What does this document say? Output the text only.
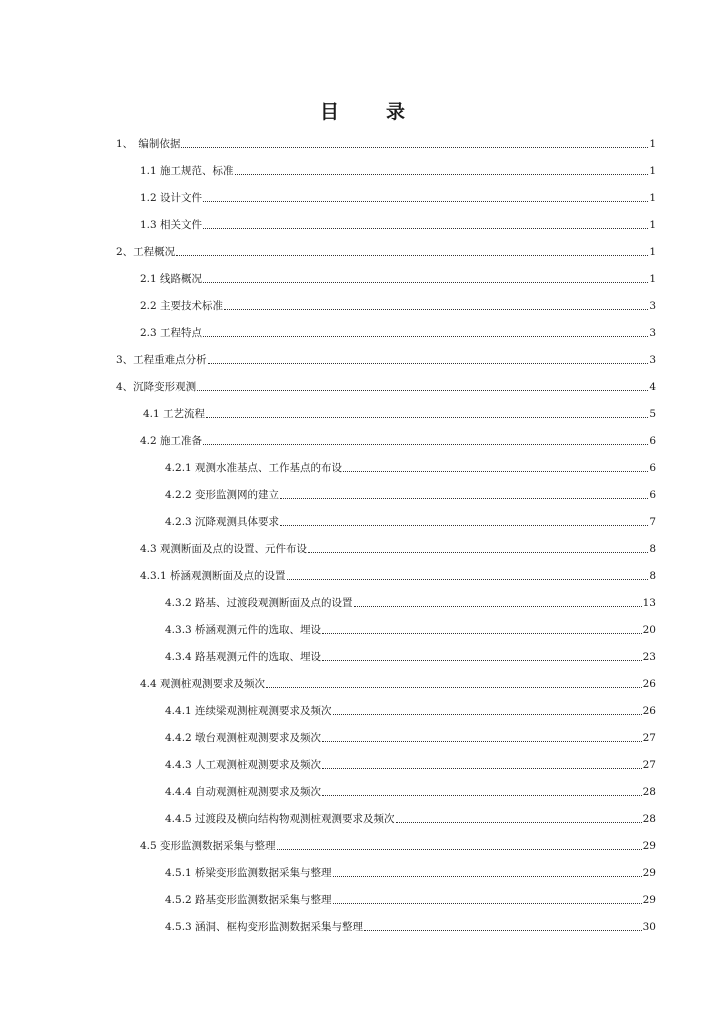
目　录
1、　编制依据	1
1.1 施工规范、标准	1
1.2 设计文件	1
1.3 相关文件	1
2、工程概况	1
2.1 线路概况	1
2.2 主要技术标准	3
2.3 工程特点	3
3、工程重难点分析	3
4、沉降变形观测	4
4.1 工艺流程	5
4.2 施工准备	6
4.2.1 观测水准基点、工作基点的布设	6
4.2.2 变形监测网的建立	6
4.2.3 沉降观测具体要求	7
4.3 观测断面及点的设置、元件布设	8
4.3.1 桥涵观测断面及点的设置	8
4.3.2 路基、过渡段观测断面及点的设置	13
4.3.3 桥涵观测元件的选取、埋设	20
4.3.4 路基观测元件的选取、埋设	23
4.4 观测桩观测要求及频次	26
4.4.1 连续梁观测桩观测要求及频次	26
4.4.2 墩台观测桩观测要求及频次	27
4.4.3 人工观测桩观测要求及频次	27
4.4.4 自动观测桩观测要求及频次	28
4.4.5 过渡段及横向结构物观测桩观测要求及频次	28
4.5 变形监测数据采集与整理	29
4.5.1 桥梁变形监测数据采集与整理	29
4.5.2 路基变形监测数据采集与整理	29
4.5.3 涵洞、框构变形监测数据采集与整理	30
